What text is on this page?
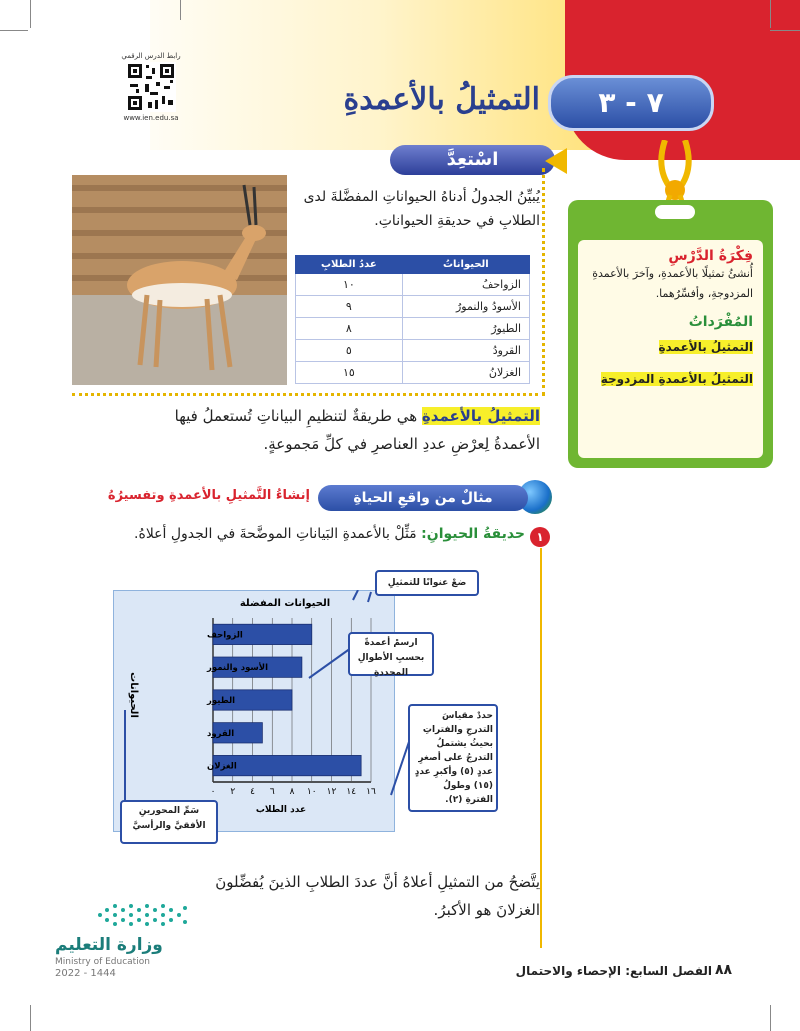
رابط الدرس الرقمي
www.ien.edu.sa	٧ - ٣
التمثيلُ بالأعمدةِ
اسْتعِدَّ
يُبيِّنُ الجدولُ أدناهُ الحيواناتِ المفضَّلةَ لدى الطلابِ في حديقةِ الحيواناتِ.
الحيواناتُ	عددُ الطلابِ
الزواحفُ	١٠
الأسودُ والنمورُ	٩
الطيورُ	٨
القرودُ	٥
الغزلانُ	١٥
التمثيلُ بالأعمدةِ هي طريقةٌ لتنظيمِ البياناتِ تُستعملُ فيها الأعمدةُ لِعرْضِ عددِ العناصرِ في كلِّ مَجموعةٍ.
فِكْرَةُ الدَّرْسِ
أُنشئُ تمثيلًا بالأعمدةِ، وآخرَ بالأعمدةِ المزدوجةِ، وأفسِّرُهما.
المُفْرَداتُ
التمثيلُ بالأعمدةِ
التمثيلُ بالأعمدةِ المزدوجةِ
مثالٌ من واقعِ الحياةِ
إنشاءُ التَّمثيلِ بالأعمدةِ وتفسيرُهُ
١
حديقةُ الحيوانِ: مَثِّلْ بالأعمدةِ البَياناتِ الموضَّحةَ في الجدولِ أعلاهُ.
الحيوانات المفضلة
الحيوانات
عدد الطلاب
الزواحف
الأسود والنمور
الطيور
القرود
الغزلان
٠ ٢ ٤ ٦ ٨ ١٠ ١٢ ١٤ ١٦
ضعْ عنوانًا للتمثيلِ
ارسمْ أعمدةً بحسبِ الأطوالِ المحددةِ
حددْ مقياسَ التدرجِ والفتراتِ بحيثُ يشتملُ التدرجُ على أصغرِ عددٍ (٥) وأكبرِ عددٍ (١٥) وطولُ الفترةِ (٢).
سَمِّ المحورينِ الأفقيَّ والرأسيَّ
يتَّضحُ من التمثيلِ أعلاهُ أنَّ عددَ الطلابِ الذينَ يُفضِّلونَ الغزلانَ هو الأكبرُ.
وزارة التعليم
Ministry of Education
2022 - 1444	الفصل السابع: الإحصاء والاحتمال ٨٨
